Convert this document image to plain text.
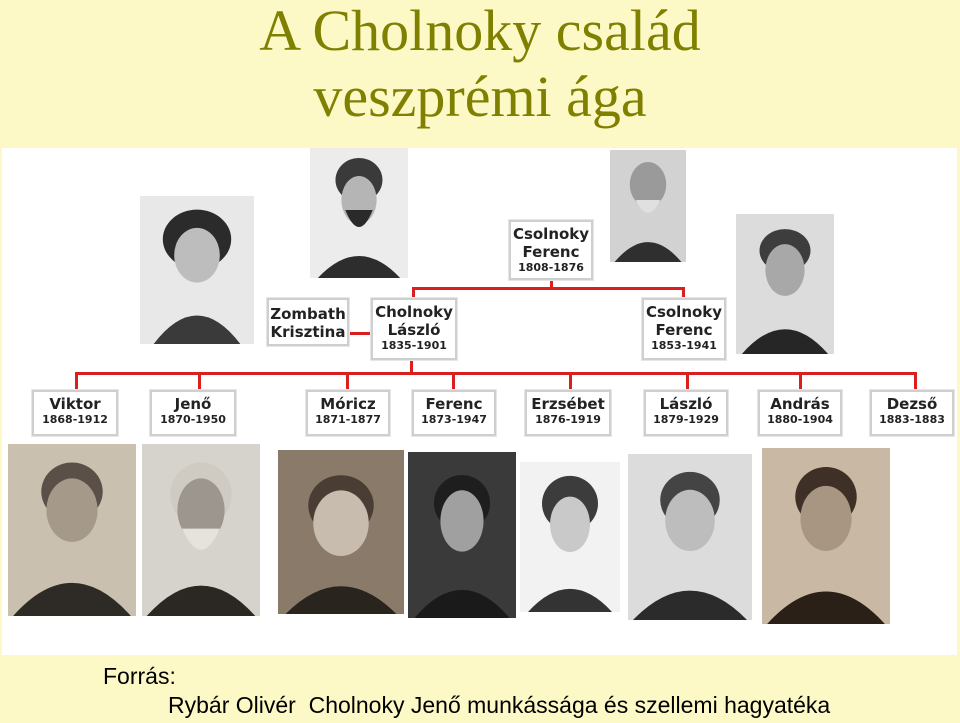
A Cholnoky család
veszprémi ága
Csolnoky
Ferenc
1808-1876
Zombath
Krisztina
Cholnoky
László
1835-1901
Csolnoky
Ferenc
1853-1941
Viktor
1868-1912
Jenő
1870-1950
Móricz
1871-1877
Ferenc
1873-1947
Erzsébet
1876-1919
László
1879-1929
András
1880-1904
Dezső
1883-1883
Forrás:
Rybár Olivér  Cholnoky Jenő munkássága és szellemi hagyatéka
